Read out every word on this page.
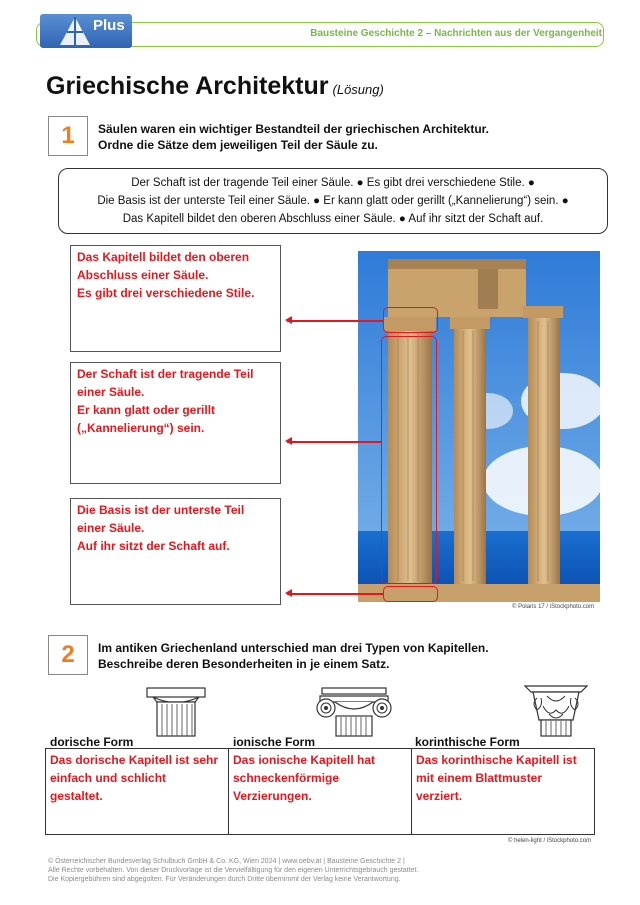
Plus	Bausteine Geschichte 2 – Nachrichten aus der Vergangenheit
Griechische Architektur (Lösung)
1	Säulen waren ein wichtiger Bestandteil der griechischen Architektur.
Ordne die Sätze dem jeweiligen Teil der Säule zu.
Der Schaft ist der tragende Teil einer Säule. ● Es gibt drei verschiedene Stile. ●
Die Basis ist der unterste Teil einer Säule. ● Er kann glatt oder gerillt („Kannelierung“) sein. ●
Das Kapitell bildet den oberen Abschluss einer Säule. ● Auf ihr sitzt der Schaft auf.
Das Kapitell bildet den oberen
Abschluss einer Säule.
Es gibt drei verschiedene Stile.
Der Schaft ist der tragende Teil
einer Säule.
Er kann glatt oder gerillt
(„Kannelierung“) sein.
Die Basis ist der unterste Teil
einer Säule.
Auf ihr sitzt der Schaft auf.
© Polaris 17 / iStockphoto.com
2	Im antiken Griechenland unterschied man drei Typen von Kapitellen.
Beschreibe deren Besonderheiten in je einem Satz.
dorische Form	ionische Form	korinthische Form
Das dorische Kapitell ist sehr
einfach und schlicht
gestaltet.
Das ionische Kapitell hat
schneckenförmige
Verzierungen.
Das korinthische Kapitell ist
mit einem Blattmuster
verziert.
© helen-light / iStockphoto.com
© Österreichischer Bundesverlag Schulbuch GmbH & Co. KG, Wien 2024 | www.oebv.at | Bausteine Geschichte 2 |
Alle Rechte vorbehalten. Von dieser Druckvorlage ist die Vervielfältigung für den eigenen Unterrichtsgebrauch gestattet.
Die Kopiergebühren sind abgegolten. Für Veränderungen durch Dritte übernimmt der Verlag keine Verantwortung.
